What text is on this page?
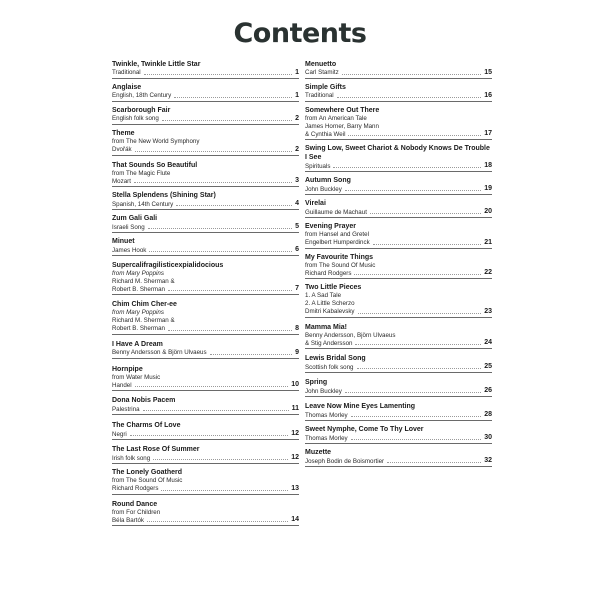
Contents
Twinkle, Twinkle Little Star
Traditional	1
Anglaise
English, 18th Century	1
Scarborough Fair
English folk song	2
Theme
from The New World Symphony
Dvořák	2
That Sounds So Beautiful
from The Magic Flute
Mozart	3
Stella Splendens (Shining Star)
Spanish, 14th Century	4
Zum Gali Gali
Israeli Song	5
Minuet
James Hook	6
Supercalifragilisticexpialidocious
from Mary Poppins
Richard M. Sherman &
Robert B. Sherman	7
Chim Chim Cher-ee
from Mary Poppins
Richard M. Sherman &
Robert B. Sherman	8
I Have A Dream
Benny Andersson & Björn Ulvaeus	9
Hornpipe
from Water Music
Handel	10
Dona Nobis Pacem
Palestrina	11
The Charms Of Love
Negri	12
The Last Rose Of Summer
Irish folk song	12
The Lonely Goatherd
from The Sound Of Music
Richard Rodgers	13
Round Dance
from For Children
Béla Bartók	14
Menuetto
Carl Stamitz	15
Simple Gifts
Traditional	16
Somewhere Out There
from An American Tale
James Horner, Barry Mann
& Cynthia Weil	17
Swing Low, Sweet Chariot & Nobody Knows De Trouble I See
Spirituals	18
Autumn Song
John Buckley	19
Virelai
Guillaume de Machaut	20
Evening Prayer
from Hansel and Gretel
Engelbert Humperdinck	21
My Favourite Things
from The Sound Of Music
Richard Rodgers	22
Two Little Pieces
1. A Sad Tale
2. A Little Scherzo
Dmitri Kabalevsky	23
Mamma Mia!
Benny Andersson, Björn Ulvaeus
& Stig Andersson	24
Lewis Bridal Song
Scottish folk song	25
Spring
John Buckley	26
Leave Now Mine Eyes Lamenting
Thomas Morley	28
Sweet Nymphe, Come To Thy Lover
Thomas Morley	30
Muzette
Joseph Bodin de Boismortier	32
